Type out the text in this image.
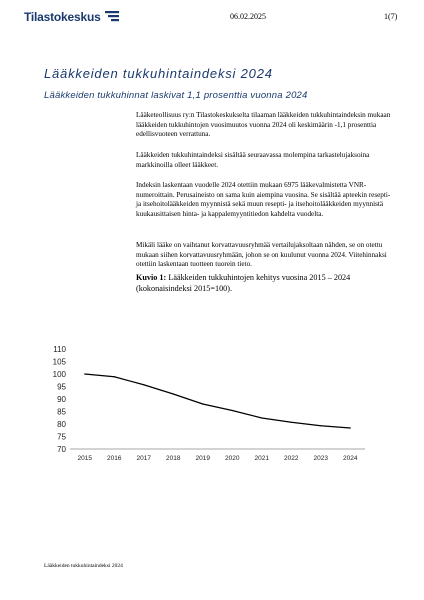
Tilastokeskus	06.02.2025	1(7)
Lääkkeiden tukkuhintaindeksi 2024
Lääkkeiden tukkuhinnat laskivat 1,1 prosenttia vuonna 2024
Lääketeollisuus ry:n Tilastokeskukselta tilaaman lääkkeiden tukkuhintaindeksin mukaan lääkkeiden tukkuhintojen vuosimuutos vuonna 2024 oli keskimäärin -1,1 prosenttia edellisvuoteen verrattuna.
Lääkkeiden tukkuhintaindeksi sisältää seuraavassa molempina tarkastelujaksoina markkinoilla olleet lääkkeet.
Indeksin laskentaan vuodelle 2024 otettiin mukaan 6975 lääkevalmistetta VNR-numeroittain. Perusaineisto on sama kuin aiempina vuosina. Se sisältää apteekin resepti- ja itsehoitolääkkeiden myynnistä sekä muun resepti- ja itsehoitolääkkeiden myynnistä kuukausittaisen hinta- ja kappalemyyntitiedon kahdelta vuodelta.
Mikäli lääke on vaihtanut korvattavuusryhmää vertailujaksoltaan nähden, se on otettu mukaan siihen korvattavuusryhmään, johon se on kuulunut vuonna 2024. Viitehinnaksi otettiin laskentaan tuotteen tuorein tieto.
Kuvio 1: Lääkkeiden tukkuhintojen kehitys vuosina 2015 – 2024 (kokonaisindeksi 2015=100).
70
75
80
85
90
95
100
105
110
2015 2016 2017 2018 2019 2020 2021 2022 2023 2024
Lääkkeiden tukkuhintaindeksi 2024
